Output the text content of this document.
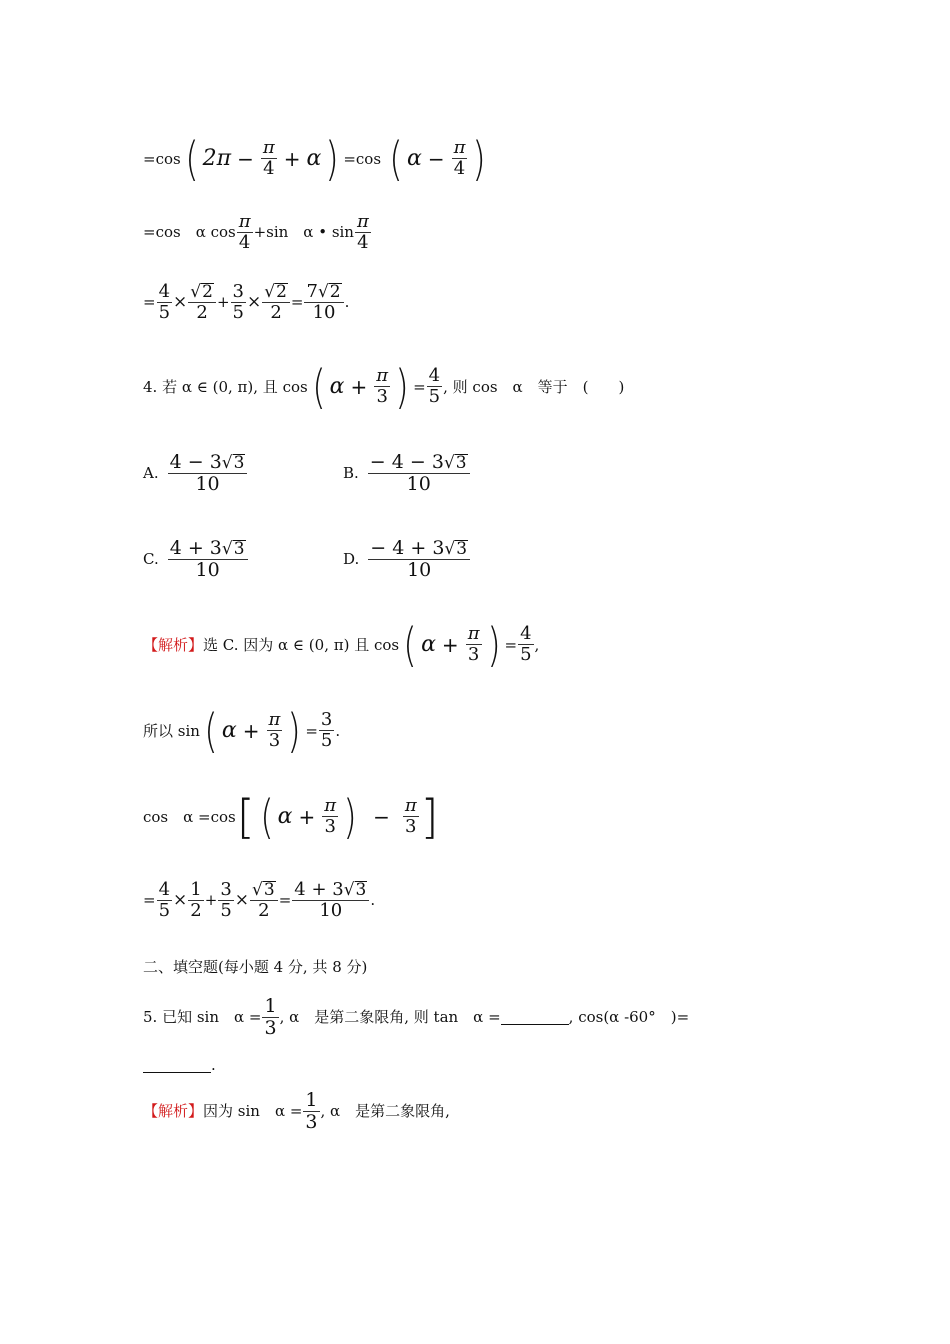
=cos ( $2\pi - \frac{\pi}{4} + \alpha$ ) =cos ( $\alpha - \frac{\pi}{4}$ )
=cos　α $\cos \frac{\pi}{4} +\sin$　α • $\sin \frac{\pi}{4}$
= $\frac{4}{5} \times \frac{√ 2}{2} + \frac{3}{5} \times \frac{√ 2}{2} = \frac{7 √ 2}{10}$ .
4. 若 α ∈ (0, π), 且 cos ( $\alpha + \frac{\pi}{3}$ ) = $\frac{4}{5}$ , 则 cos　α　等于　(　　)
A. $\frac{4 - 3 √ 3}{10}$	B. $\frac{- 4 - 3 √ 3}{10}$
C. $\frac{4 + 3 √ 3}{10}$	D. $\frac{- 4 + 3 √ 3}{10}$
【解析】 选 C. 因为 α ∈ (0, π) 且 cos ( $\alpha + \frac{\pi}{3}$ ) = $\frac{4}{5}$ ,
所以 sin ( $\alpha + \frac{\pi}{3}$ ) = $\frac{3}{5}$ .
cos　α =cos [ ( $\alpha + \frac{\pi}{3}$ ) − $\frac{\pi}{3}$ ]
= $\frac{4}{5} \times \frac{1}{2} + \frac{3}{5} \times \frac{√ 3}{2} = \frac{4 + 3 √ 3}{10}$ .
二、填空题(每小题 4 分, 共 8 分)
5. 已知 sin　$\alpha = \frac{1}{3}$ , α　是第二象限角, 则 tan　α =	, cos(α -60°　)=
.
【解析】 因为 sin　$\alpha = \frac{1}{3}$ , α　是第二象限角,
